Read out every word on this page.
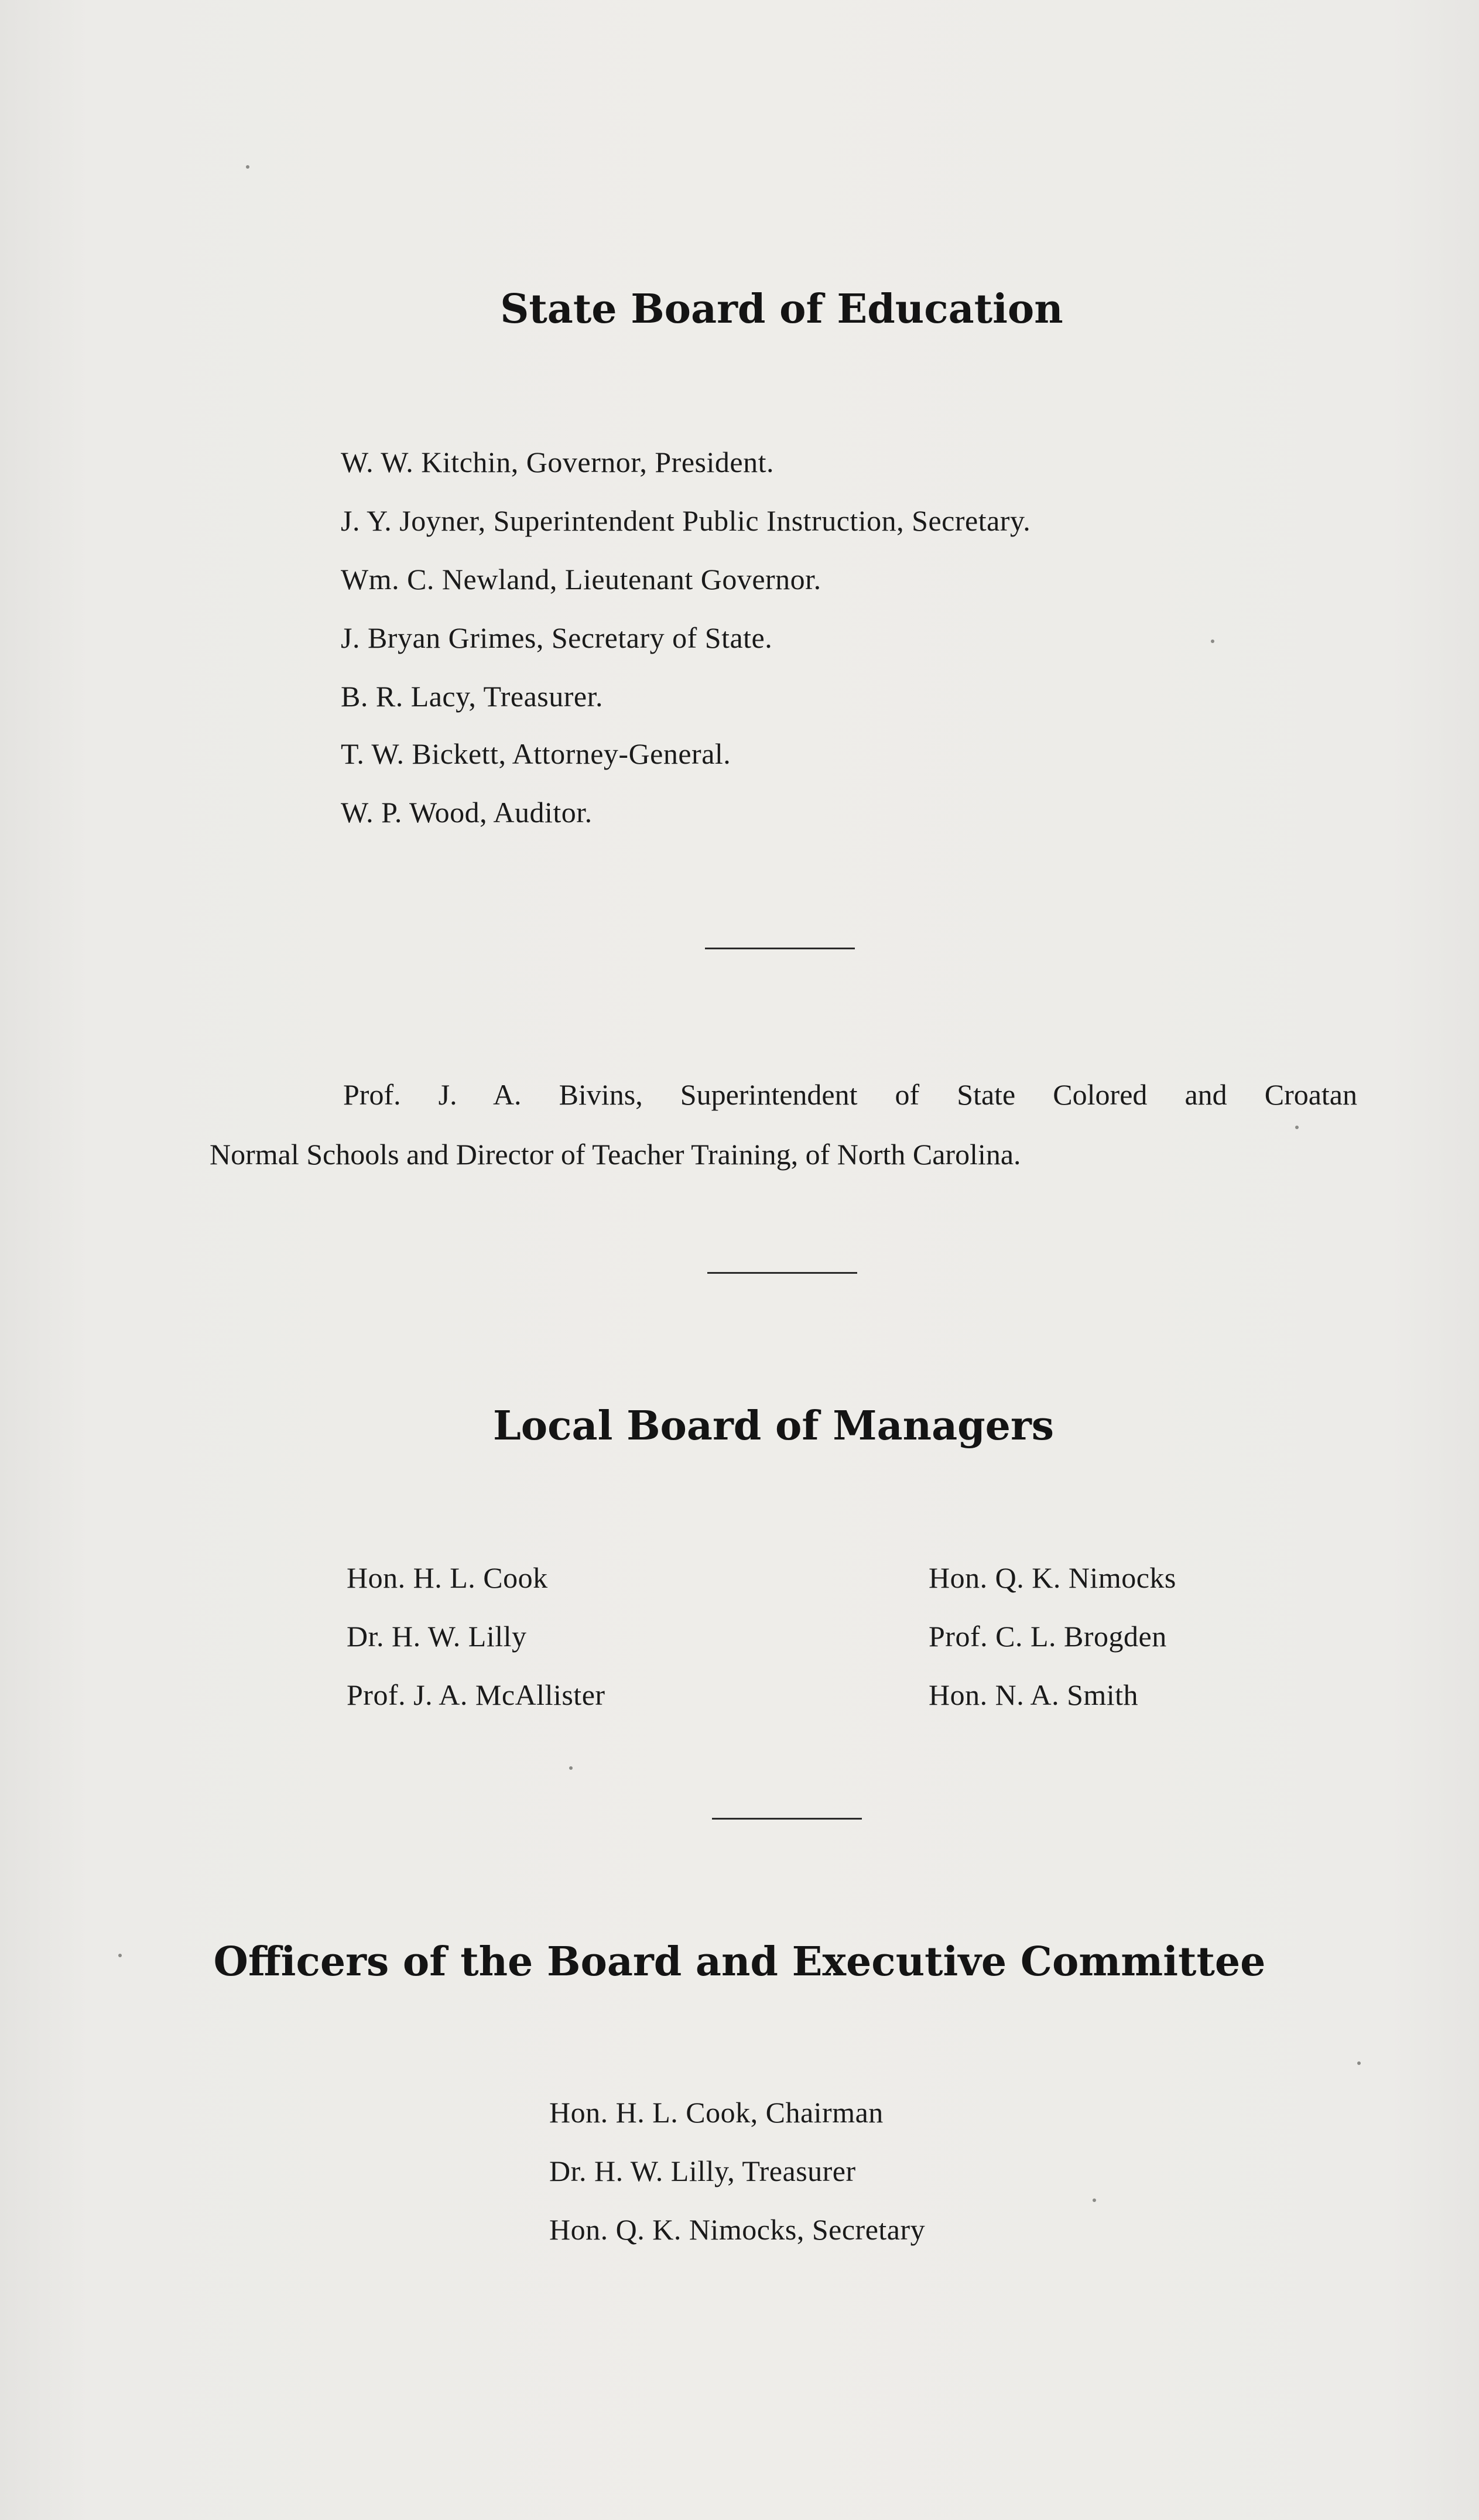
State Board of Education
W. W. Kitchin, Governor, President.
J. Y. Joyner, Superintendent Public Instruction, Secretary.
Wm. C. Newland, Lieutenant Governor.
J. Bryan Grimes, Secretary of State.
B. R. Lacy, Treasurer.
T. W. Bickett, Attorney-General.
W. P. Wood, Auditor.
Prof. J. A. Bivins, Superintendent of State Colored and Croatan
Normal Schools and Director of Teacher Training, of North Carolina.
Local Board of Managers
Hon. H. L. Cook
Dr. H. W. Lilly
Prof. J. A. McAllister
Hon. Q. K. Nimocks
Prof. C. L. Brogden
Hon. N. A. Smith
Officers of the Board and Executive Committee
Hon. H. L. Cook, Chairman
Dr. H. W. Lilly, Treasurer
Hon. Q. K. Nimocks, Secretary
